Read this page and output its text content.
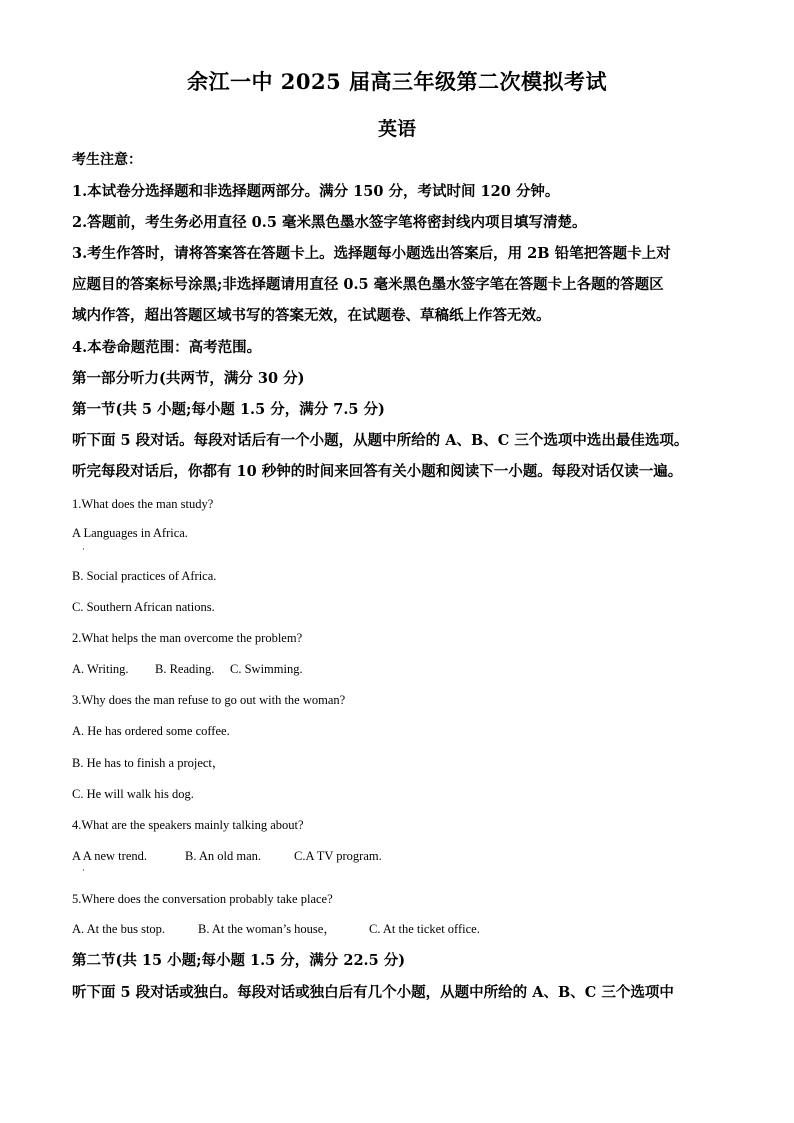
余江一中 2025 届高三年级第二次模拟考试
英语
考生注意：
1.本试卷分选择题和非选择题两部分。满分 150 分，考试时间 120 分钟。
2.答题前，考生务必用直径 0.5 毫米黑色墨水签字笔将密封线内项目填写清楚。
3.考生作答时，请将答案答在答题卡上。选择题每小题选出答案后，用 2B 铅笔把答题卡上对
应题目的答案标号涂黑;非选择题请用直径 0.5 毫米黑色墨水签字笔在答题卡上各题的答题区
域内作答，超出答题区域书写的答案无效，在试题卷、草稿纸上作答无效。
4.本卷命题范围：高考范围。
第一部分听力(共两节，满分 30 分)
第一节(共 5 小题;每小题 1.5 分，满分 7.5 分)
听下面 5 段对话。每段对话后有一个小题，从题中所给的 A、B、C 三个选项中选出最佳选项。
听完每段对话后，你都有 10 秒钟的时间来回答有关小题和阅读下一小题。每段对话仅读一遍。
1.What does the man study?
A Languages in Africa.
·
B. Social practices of Africa.
C. Southern African nations.
2.What helps the man overcome the problem?
A. Writing. B. Reading. C. Swimming.
3.Why does the man refuse to go out with the woman?
A. He has ordered some coffee.
B. He has to finish a project，
C. He will walk his dog.
4.What are the speakers mainly talking about?
A A new trend.	B. An old man.	C.A TV program.
·
5.Where does the conversation probably take place?
A. At the bus stop.	B. At the woman’s house，	C. At the ticket office.
第二节(共 15 小题;每小题 1.5 分，满分 22.5 分)
听下面 5 段对话或独白。每段对话或独白后有几个小题，从题中所给的 A、B、C 三个选项中
